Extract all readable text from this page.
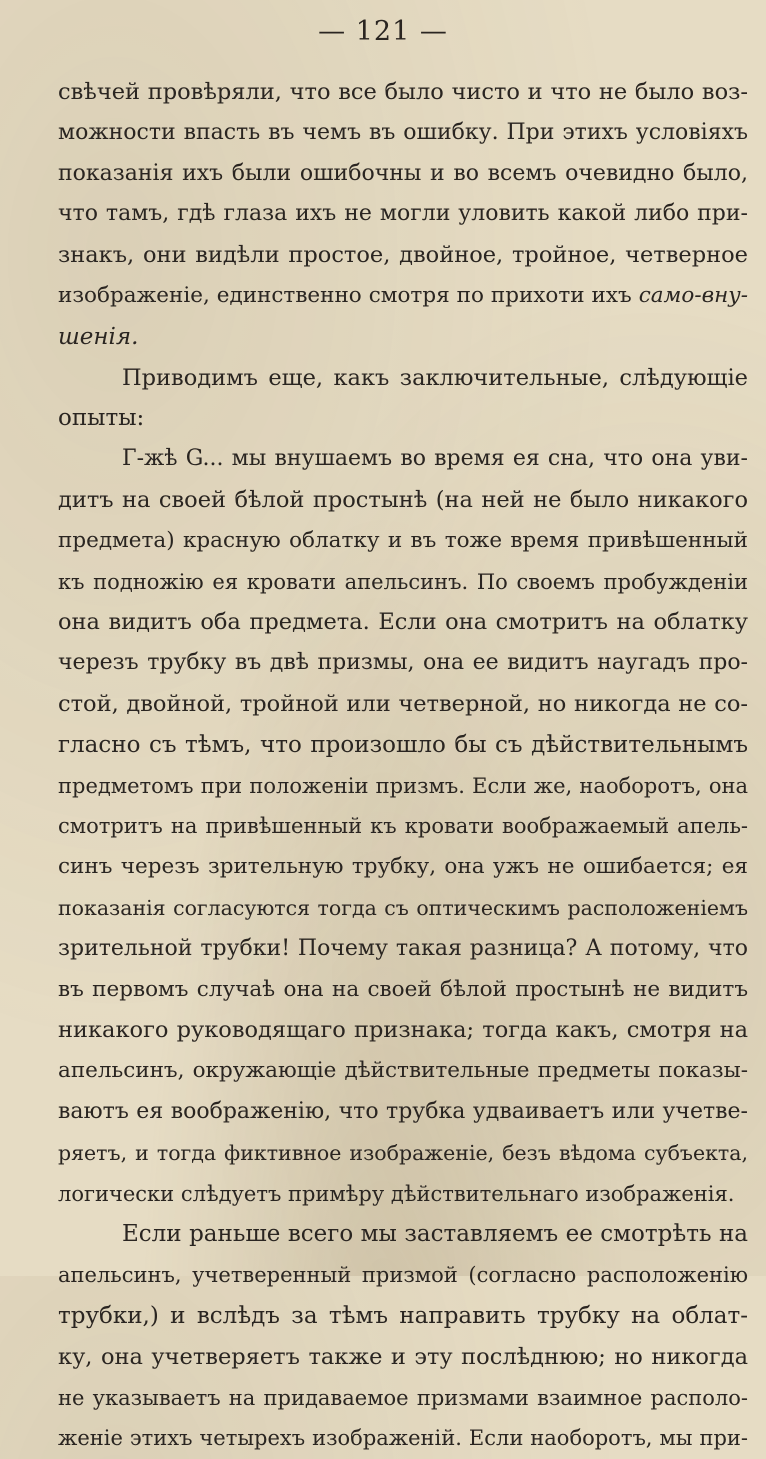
— 121 —
свѣчей провѣряли, что все было чисто и что не было воз-
можности впасть въ чемъ въ ошибку. При этихъ условіяхъ
показанія ихъ были ошибочны и во всемъ очевидно было,
что тамъ, гдѣ глаза ихъ не могли уловить какой либо при-
знакъ, они видѣли простое, двойное, тройное, четверное
изображеніе, единственно смотря по прихоти ихъ само-вну-
шенія.
Приводимъ еще, какъ заключительные, слѣдующіе
опыты:
Г-жѣ G... мы внушаемъ во время ея сна, что она уви-
дитъ на своей бѣлой простынѣ (на ней не было никакого
предмета) красную облатку и въ тоже время привѣшенный
къ подножію ея кровати апельсинъ. По своемъ пробужденіи
она видитъ оба предмета. Если она смотритъ на облатку
черезъ трубку въ двѣ призмы, она ее видитъ наугадъ про-
стой, двойной, тройной или четверной, но никогда не со-
гласно съ тѣмъ, что произошло бы съ дѣйствительнымъ
предметомъ при положеніи призмъ. Если же, наоборотъ, она
смотритъ на привѣшенный къ кровати воображаемый апель-
синъ черезъ зрительную трубку, она ужъ не ошибается; ея
показанія согласуются тогда съ оптическимъ расположеніемъ
зрительной трубки! Почему такая разница? А потому, что
въ первомъ случаѣ она на своей бѣлой простынѣ не видитъ
никакого руководящаго признака; тогда какъ, смотря на
апельсинъ, окружающіе дѣйствительные предметы показы-
ваютъ ея воображенію, что трубка удваиваетъ или учетве-
ряетъ, и тогда фиктивное изображеніе, безъ вѣдома субъекта,
логически слѣдуетъ примѣру дѣйствительнаго изображенія.
Если раньше всего мы заставляемъ ее смотрѣть на
апельсинъ, учетверенный призмой (согласно расположенію
трубки,) и вслѣдъ за тѣмъ направить трубку на облат-
ку, она учетверяетъ также и эту послѣднюю; но никогда
не указываетъ на придаваемое призмами взаимное располо-
женіе этихъ четырехъ изображеній. Если наоборотъ, мы при-
